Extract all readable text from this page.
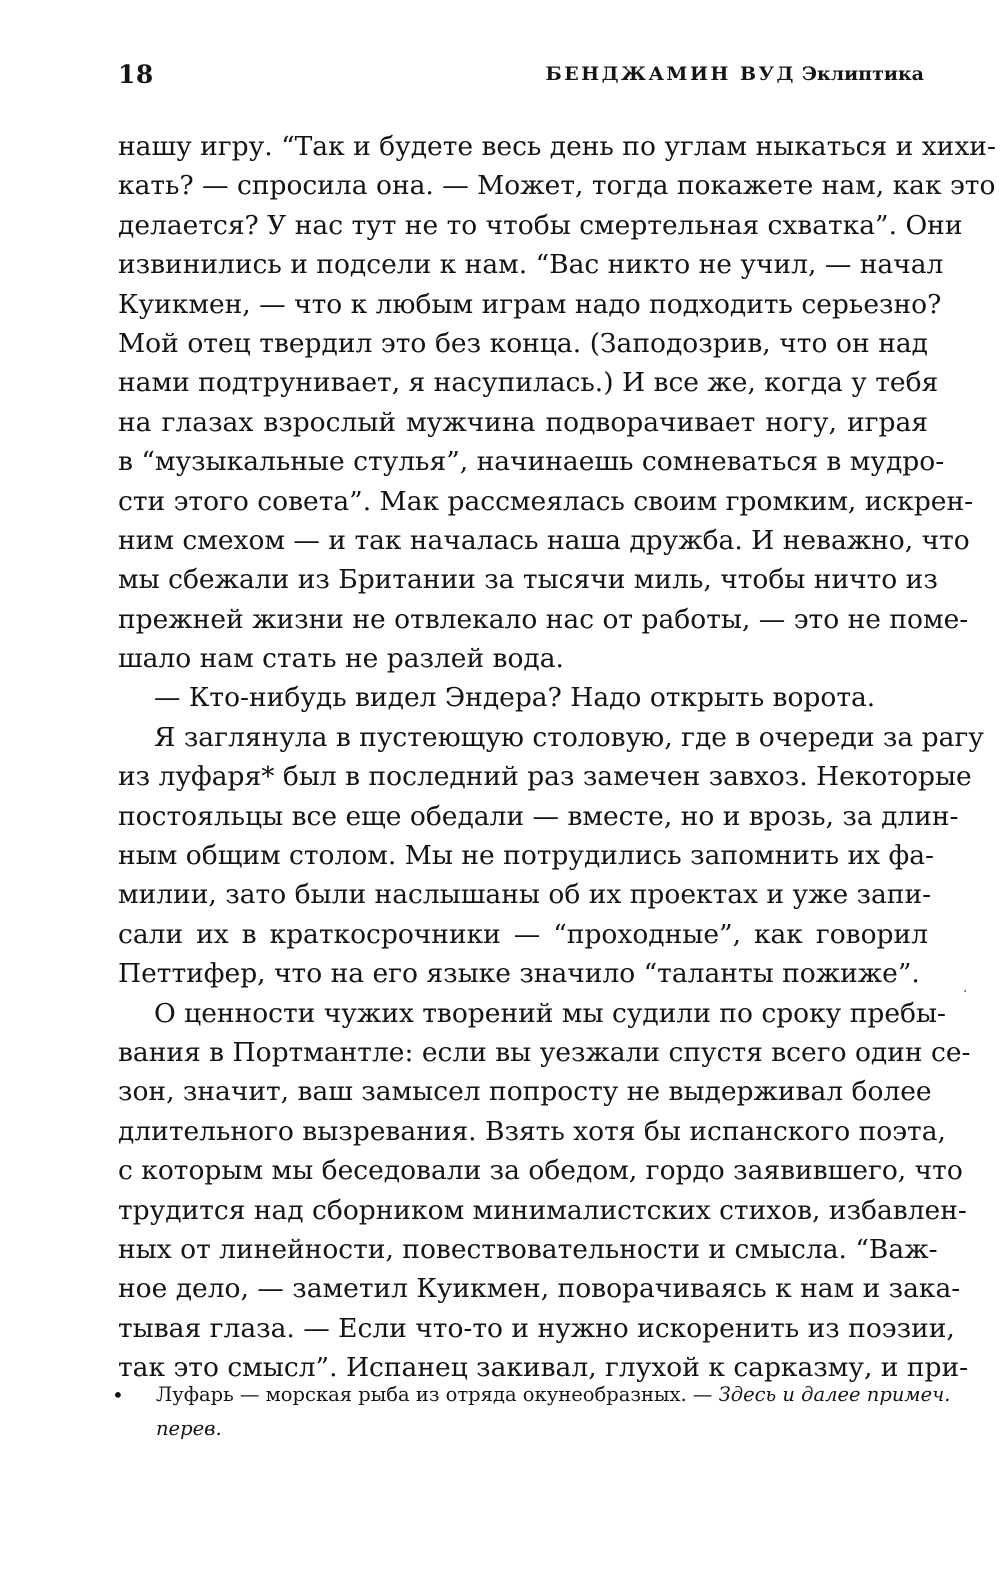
18	БЕНДЖАМИН ВУД Эклиптика
нашу игру. “Так и будете весь день по углам ныкаться и хихи-
кать? — спросила она. — Может, тогда покажете нам, как это
делается? У нас тут не то чтобы смертельная схватка”. Они
извинились и подсели к нам. “Вас никто не учил, — начал
Куикмен, — что к любым играм надо подходить серьезно?
Мой отец твердил это без конца. (Заподозрив, что он над
нами подтрунивает, я насупилась.) И все же, когда у тебя
на глазах взрослый мужчина подворачивает ногу, играя
в “музыкальные стулья”, начинаешь сомневаться в мудро-
сти этого совета”. Мак рассмеялась своим громким, искрен-
ним смехом — и так началась наша дружба. И неважно, что
мы сбежали из Британии за тысячи миль, чтобы ничто из
прежней жизни не отвлекало нас от работы, — это не поме-
шало нам стать не разлей вода.
— Кто-нибудь видел Эндера? Надо открыть ворота.
Я заглянула в пустеющую столовую, где в очереди за рагу
из луфаря* был в последний раз замечен завхоз. Некоторые
постояльцы все еще обедали — вместе, но и врозь, за длин-
ным общим столом. Мы не потрудились запомнить их фа-
милии, зато были наслышаны об их проектах и уже запи-
сали их в краткосрочники — “проходные”, как говорил
Петтифер, что на его языке значило “таланты пожиже”.
О ценности чужих творений мы судили по сроку пребы-
вания в Портмантле: если вы уезжали спустя всего один се-
зон, значит, ваш замысел попросту не выдерживал более
длительного вызревания. Взять хотя бы испанского поэта,
с которым мы беседовали за обедом, гордо заявившего, что
трудится над сборником минималистских стихов, избавлен-
ных от линейности, повествовательности и смысла. “Важ-
ное дело, — заметил Куикмен, поворачиваясь к нам и зака-
тывая глаза. — Если что-то и нужно искоренить из поэзии,
так это смысл”. Испанец закивал, глухой к сарказму, и при-
·
• Луфарь — морская рыба из отряда окунеобразных. — Здесь и далее примеч.
перев.
